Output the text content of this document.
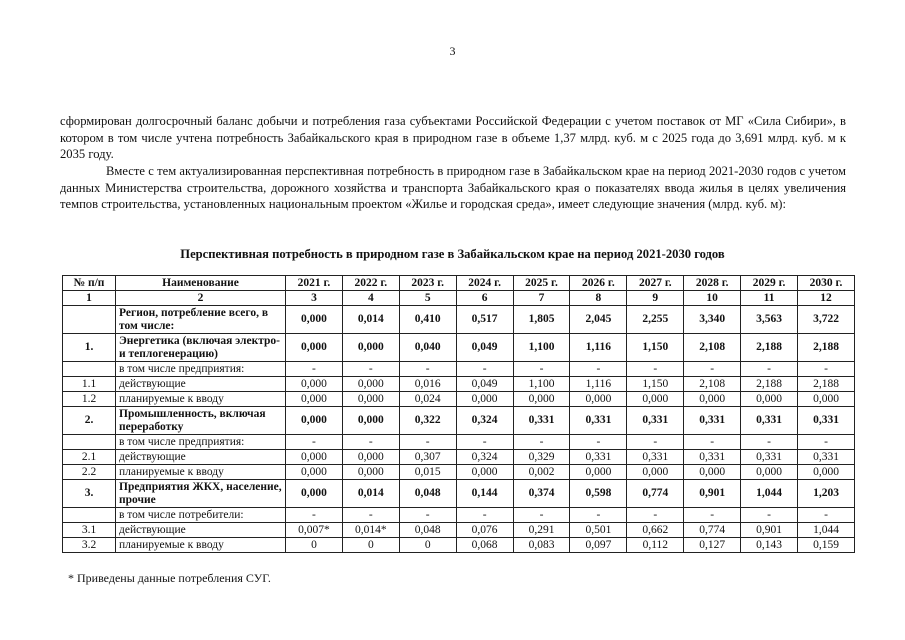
3

сформирован долгосрочный баланс добычи и потребления газа субъектами Российской Федерации с учетом поставок от МГ «Сила Сибири», в котором в том числе учтена потребность Забайкальского края в природном газе в объеме 1,37 млрд. куб. м с 2025 года до 3,691 млрд. куб. м к 2035 году.

Вместе с тем актуализированная перспективная потребность в природном газе в Забайкальском крае на период 2021-2030 годов с учетом данных Министерства строительства, дорожного хозяйства и транспорта Забайкальского края о показателях ввода жилья в целях увеличения темпов строительства, установленных национальным проектом «Жилье и городская среда», имеет следующие значения (млрд. куб. м):

Перспективная потребность в природном газе в Забайкальском крае на период 2021-2030 годов
№ п/п	Наименование	2021 г.	2022 г.	2023 г.	2024 г.	2025 г.	2026 г.	2027 г.	2028 г.	2029 г.	2030 г.
1	2	3	4	5	6	7	8	9	10	11	12
	Регион, потребление всего, в том числе:	0,000	0,014	0,410	0,517	1,805	2,045	2,255	3,340	3,563	3,722
1.	Энергетика (включая электро- и теплогенерацию)	0,000	0,000	0,040	0,049	1,100	1,116	1,150	2,108	2,188	2,188
	в том числе предприятия:	-	-	-	-	-	-	-	-	-	-
1.1	действующие	0,000	0,000	0,016	0,049	1,100	1,116	1,150	2,108	2,188	2,188
1.2	планируемые к вводу	0,000	0,000	0,024	0,000	0,000	0,000	0,000	0,000	0,000	0,000
2.	Промышленность, включая переработку	0,000	0,000	0,322	0,324	0,331	0,331	0,331	0,331	0,331	0,331
	в том числе предприятия:	-	-	-	-	-	-	-	-	-	-
2.1	действующие	0,000	0,000	0,307	0,324	0,329	0,331	0,331	0,331	0,331	0,331
2.2	планируемые к вводу	0,000	0,000	0,015	0,000	0,002	0,000	0,000	0,000	0,000	0,000
3.	Предприятия ЖКХ, население, прочие	0,000	0,014	0,048	0,144	0,374	0,598	0,774	0,901	1,044	1,203
	в том числе потребители:	-	-	-	-	-	-	-	-	-	-
3.1	действующие	0,007*	0,014*	0,048	0,076	0,291	0,501	0,662	0,774	0,901	1,044
3.2	планируемые к вводу	0	0	0	0,068	0,083	0,097	0,112	0,127	0,143	0,159
* Приведены данные потребления СУГ.
